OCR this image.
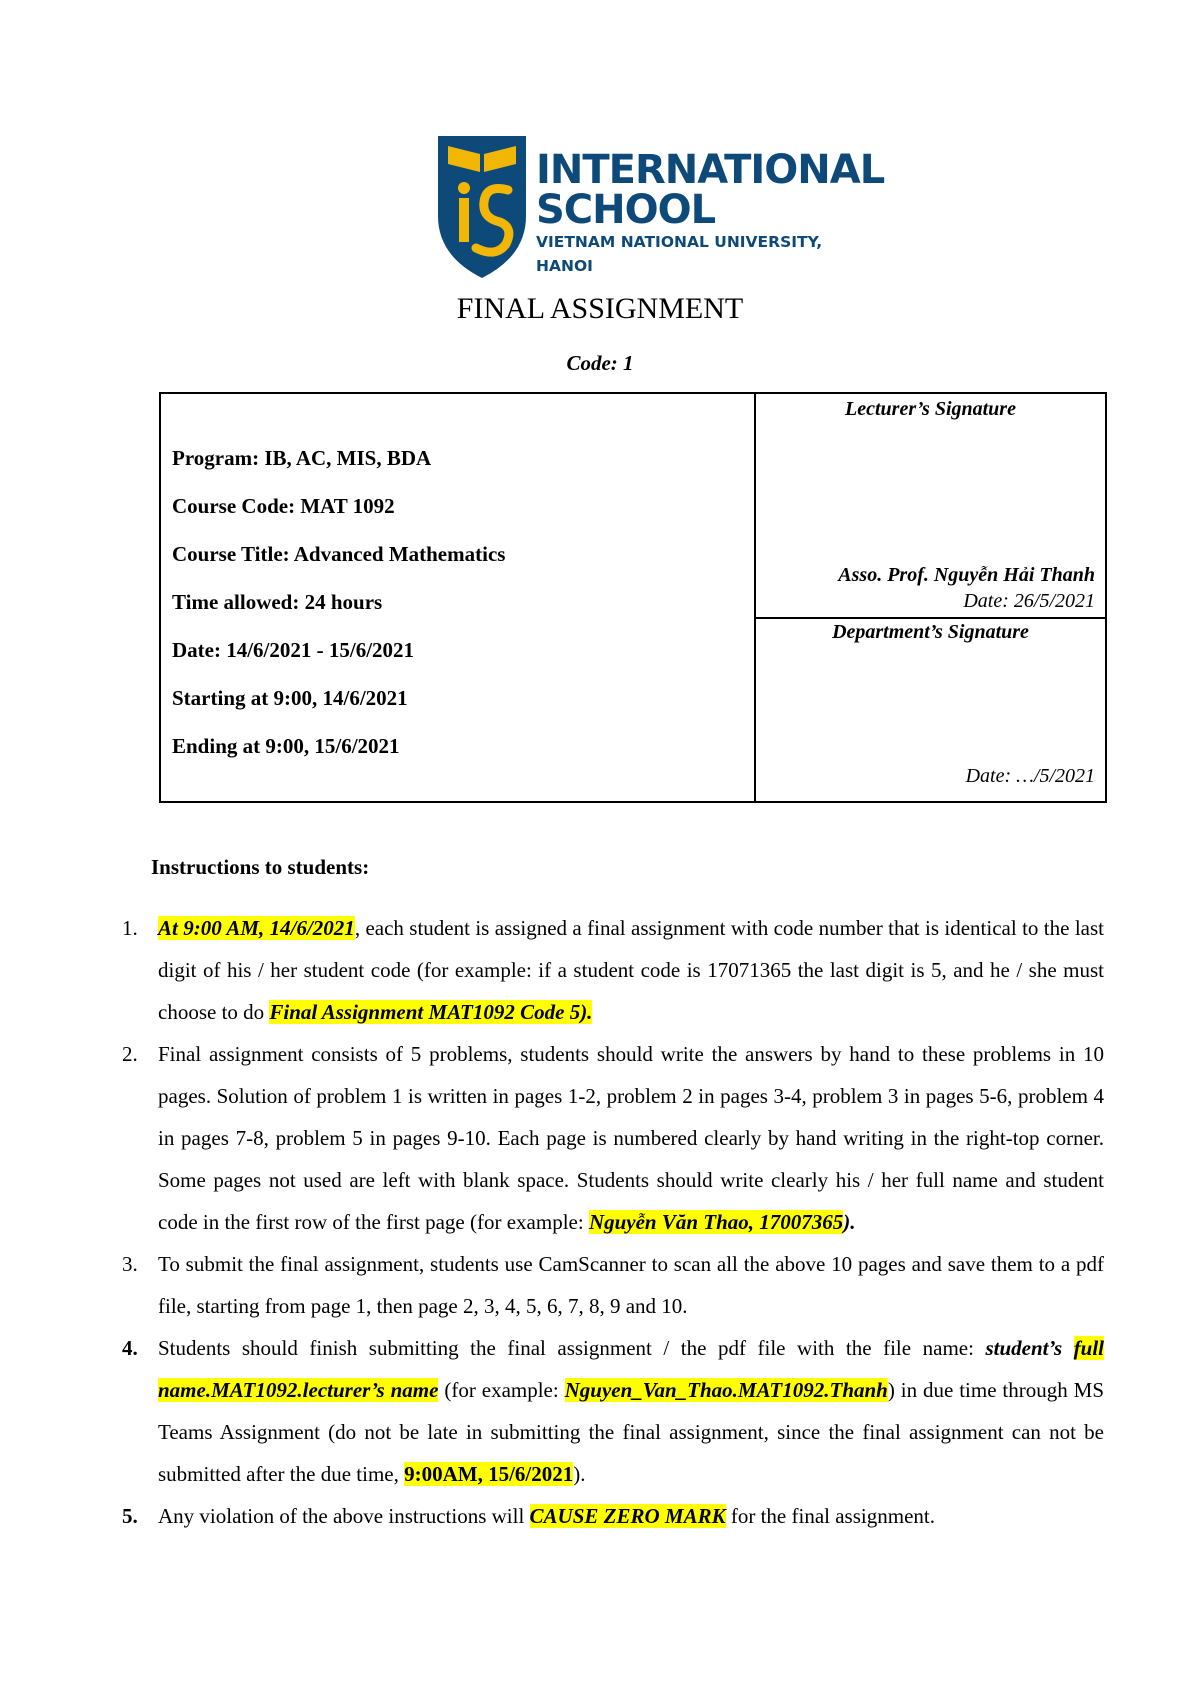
INTERNATIONAL
SCHOOL
VIETNAM NATIONAL UNIVERSITY, HANOI
FINAL ASSIGNMENT
Code: 1
Program: IB, AC, MIS, BDA
Course Code: MAT 1092
Course Title: Advanced Mathematics
Time allowed: 24 hours
Date: 14/6/2021 - 15/6/2021
Starting at 9:00, 14/6/2021
Ending at 9:00, 15/6/2021
Lecturer’s Signature
Asso. Prof. Nguyễn Hải Thanh
Date: 26/5/2021
Department’s Signature
Date: …/5/2021
Instructions to students:
1. At 9:00 AM, 14/6/2021, each student is assigned a final assignment with code number that is identical to the last digit of his / her student code (for example: if a student code is 17071365 the last digit is 5, and he / she must choose to do Final Assignment MAT1092 Code 5).
2. Final assignment consists of 5 problems, students should write the answers by hand to these problems in 10 pages. Solution of problem 1 is written in pages 1-2, problem 2 in pages 3-4, problem 3 in pages 5-6, problem 4 in pages 7-8, problem 5 in pages 9-10. Each page is numbered clearly by hand writing in the right-top corner. Some pages not used are left with blank space. Students should write clearly his / her full name and student code in the first row of the first page (for example: Nguyễn Văn Thao, 17007365).
3. To submit the final assignment, students use CamScanner to scan all the above 10 pages and save them to a pdf file, starting from page 1, then page 2, 3, 4, 5, 6, 7, 8, 9 and 10.
4. Students should finish submitting the final assignment / the pdf file with the file name: student’s full name.MAT1092.lecturer’s name (for example: Nguyen_Van_Thao.MAT1092.Thanh) in due time through MS Teams Assignment (do not be late in submitting the final assignment, since the final assignment can not be submitted after the due time, 9:00AM, 15/6/2021).
5. Any violation of the above instructions will CAUSE ZERO MARK for the final assignment.
